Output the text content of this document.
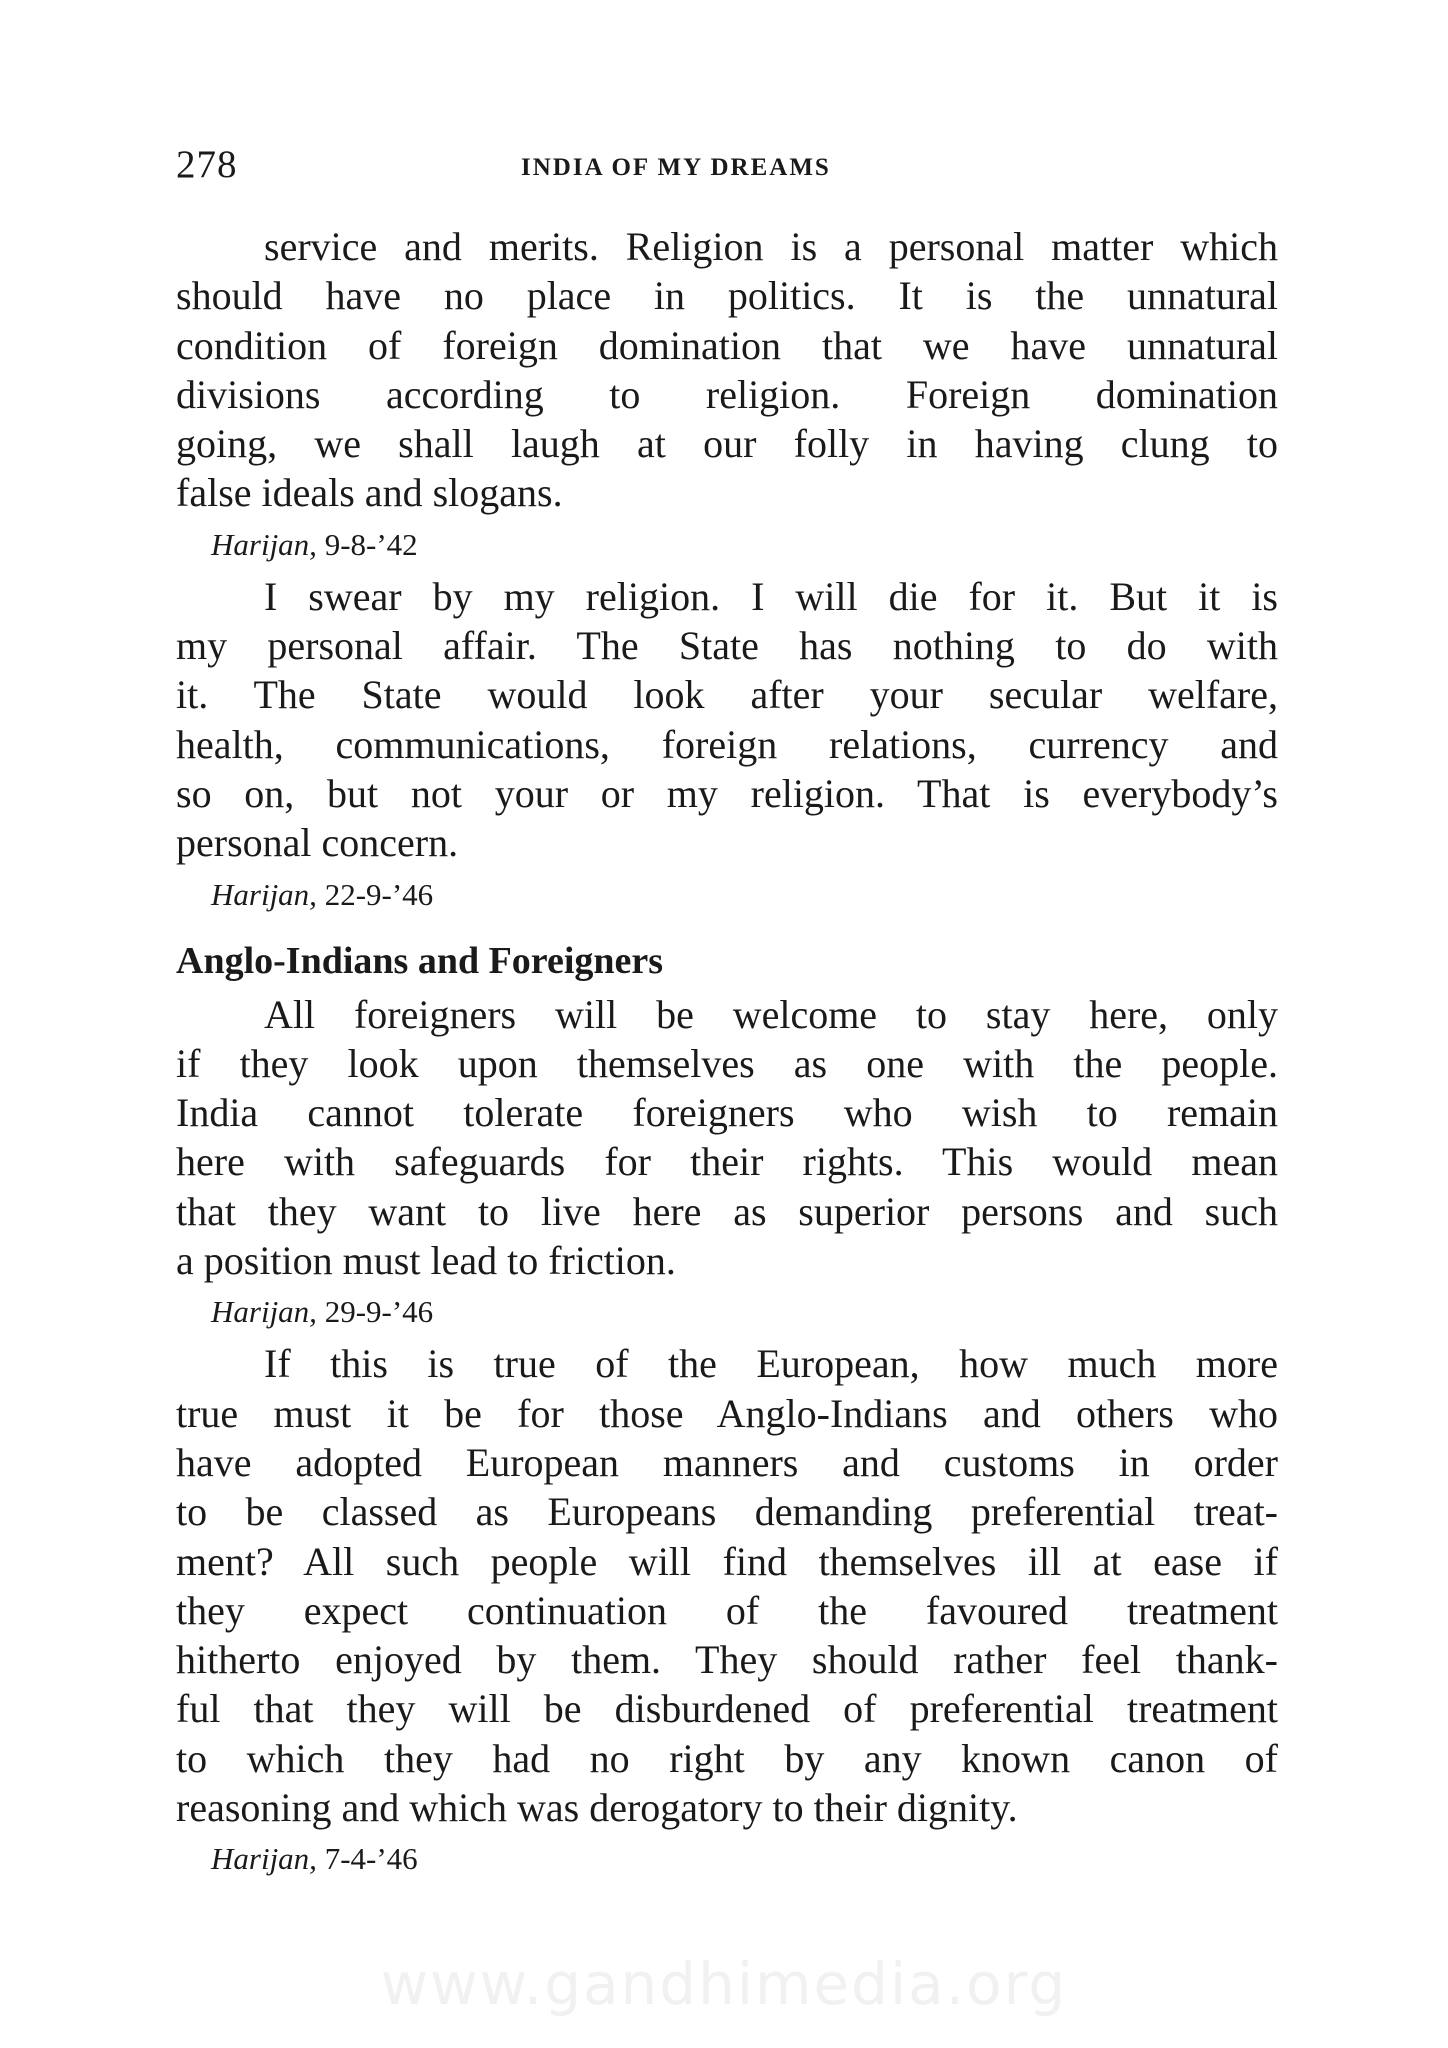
278	INDIA OF MY DREAMS
service and merits. Religion is a personal matter which
should have no place in politics. It is the unnatural
condition of foreign domination that we have unnatural
divisions according to religion. Foreign domination
going, we shall laugh at our folly in having clung to
false ideals and slogans.
Harijan, 9-8-’42
I swear by my religion. I will die for it. But it is
my personal affair. The State has nothing to do with
it. The State would look after your secular welfare,
health, communications, foreign relations, currency and
so on, but not your or my religion. That is everybody’s
personal concern.
Harijan, 22-9-’46
Anglo-Indians and Foreigners
All foreigners will be welcome to stay here, only
if they look upon themselves as one with the people.
India cannot tolerate foreigners who wish to remain
here with safeguards for their rights. This would mean
that they want to live here as superior persons and such
a position must lead to friction.
Harijan, 29-9-’46
If this is true of the European, how much more
true must it be for those Anglo-Indians and others who
have adopted European manners and customs in order
to be classed as Europeans demanding preferential treat-
ment? All such people will find themselves ill at ease if
they expect continuation of the favoured treatment
hitherto enjoyed by them. They should rather feel thank-
ful that they will be disburdened of preferential treatment
to which they had no right by any known canon of
reasoning and which was derogatory to their dignity.
Harijan, 7-4-’46
www.gandhimedia.org
